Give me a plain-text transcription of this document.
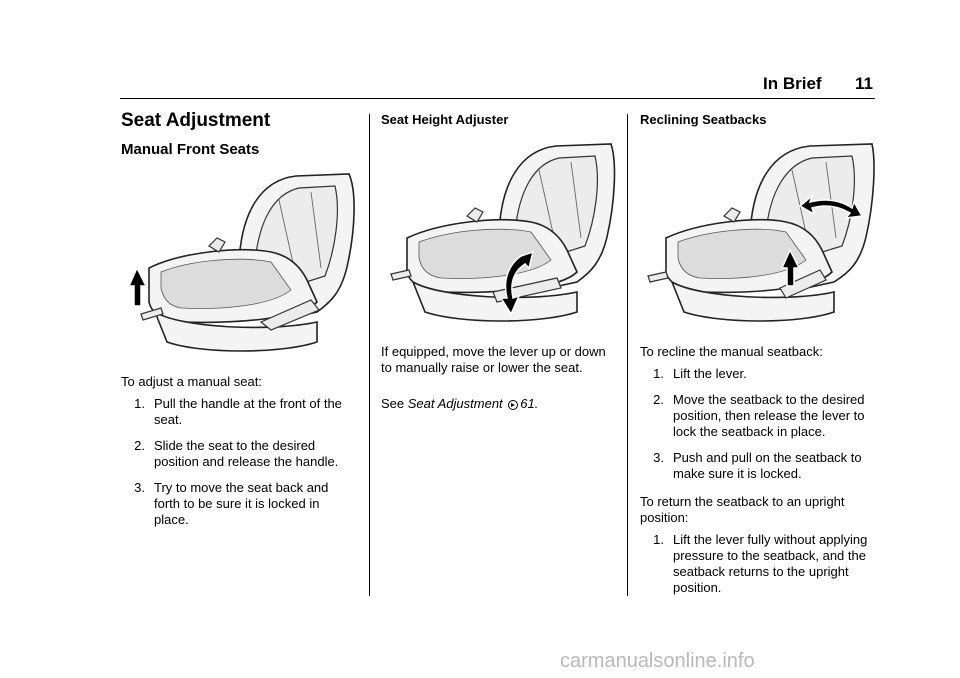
In Brief 11
Seat Adjustment
Manual Front Seats
To adjust a manual seat:
1. Pull the handle at the front of the seat.
2. Slide the seat to the desired position and release the handle.
3. Try to move the seat back and forth to be sure it is locked in place.
Seat Height Adjuster
If equipped, move the lever up or down to manually raise or lower the seat.
See Seat Adjustment 61.
Reclining Seatbacks
To recline the manual seatback:
1. Lift the lever.
2. Move the seatback to the desired position, then release the lever to lock the seatback in place.
3. Push and pull on the seatback to make sure it is locked.
To return the seatback to an upright position:
1. Lift the lever fully without applying pressure to the seatback, and the seatback returns to the upright position.
carmanualsonline.info
